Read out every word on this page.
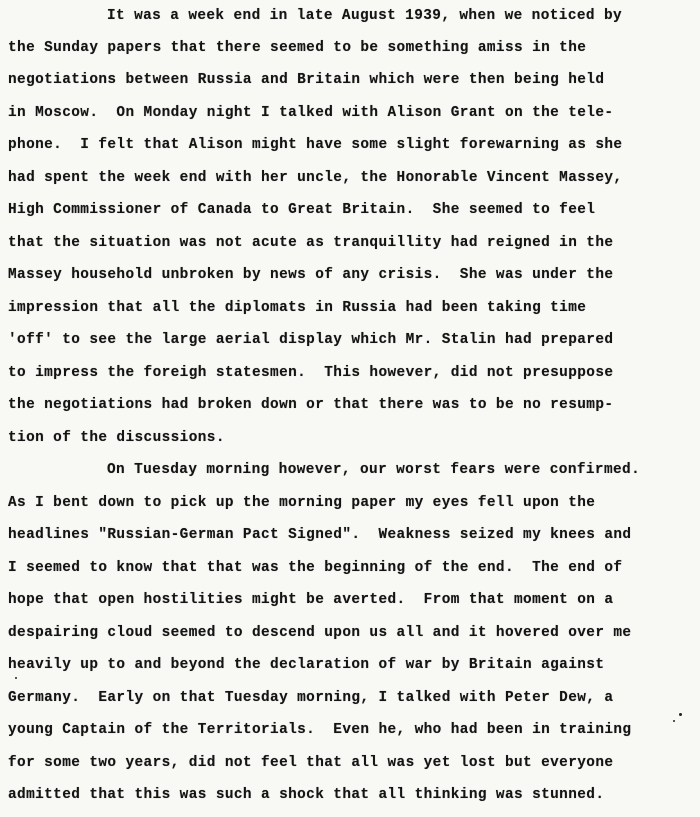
It was a week end in late August 1939, when we noticed by
the Sunday papers that there seemed to be something amiss in the
negotiations between Russia and Britain which were then being held
in Moscow.  On Monday night I talked with Alison Grant on the tele-
phone.  I felt that Alison might have some slight forewarning as she
had spent the week end with her uncle, the Honorable Vincent Massey,
High Commissioner of Canada to Great Britain.  She seemed to feel
that the situation was not acute as tranquillity had reigned in the
Massey household unbroken by news of any crisis.  She was under the
impression that all the diplomats in Russia had been taking time
'off' to see the large aerial display which Mr. Stalin had prepared
to impress the foreigh statesmen.  This however, did not presuppose
the negotiations had broken down or that there was to be no resump-
tion of the discussions.
On Tuesday morning however, our worst fears were confirmed.
As I bent down to pick up the morning paper my eyes fell upon the
headlines "Russian-German Pact Signed".  Weakness seized my knees and
I seemed to know that that was the beginning of the end.  The end of
hope that open hostilities might be averted.  From that moment on a
despairing cloud seemed to descend upon us all and it hovered over me
heavily up to and beyond the declaration of war by Britain against
Germany.  Early on that Tuesday morning, I talked with Peter Dew, a
young Captain of the Territorials.  Even he, who had been in training
for some two years, did not feel that all was yet lost but everyone
admitted that this was such a shock that all thinking was stunned.
